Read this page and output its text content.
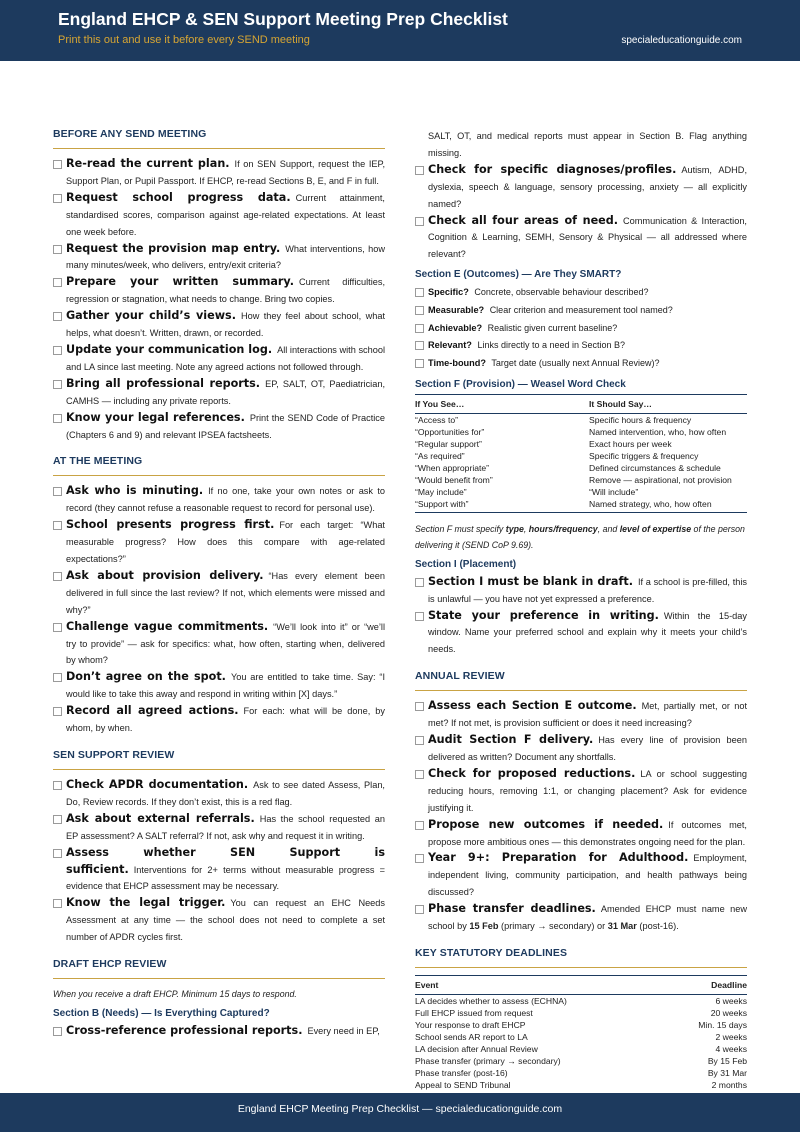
England EHCP & SEN Support Meeting Prep Checklist
Print this out and use it before every SEND meeting	specialeducationguide.com
BEFORE ANY SEND MEETING
Re-read the current plan. If on SEN Support, request the IEP, Support Plan, or Pupil Passport. If EHCP, re-read Sections B, E, and F in full.
Request school progress data. Current attainment, standardised scores, comparison against age-related expectations. At least one week before.
Request the provision map entry. What interventions, how many minutes/week, who delivers, entry/exit criteria?
Prepare your written summary. Current difficulties, regression or stagnation, what needs to change. Bring two copies.
Gather your child’s views. How they feel about school, what helps, what doesn’t. Written, drawn, or recorded.
Update your communication log. All interactions with school and LA since last meeting. Note any agreed actions not followed through.
Bring all professional reports. EP, SALT, OT, Paediatrician, CAMHS — including any private reports.
Know your legal references. Print the SEND Code of Practice (Chapters 6 and 9) and relevant IPSEA factsheets.
AT THE MEETING
Ask who is minuting. If no one, take your own notes or ask to record (they cannot refuse a reasonable request to record for personal use).
School presents progress first. For each target: “What measurable progress? How does this compare with age-related expectations?”
Ask about provision delivery. “Has every element been delivered in full since the last review? If not, which elements were missed and why?”
Challenge vague commitments. “We’ll look into it” or “we’ll try to provide” — ask for specifics: what, how often, starting when, delivered by whom?
Don’t agree on the spot. You are entitled to take time. Say: “I would like to take this away and respond in writing within [X] days.”
Record all agreed actions. For each: what will be done, by whom, by when.
SEN SUPPORT REVIEW
Check APDR documentation. Ask to see dated Assess, Plan, Do, Review records. If they don’t exist, this is a red flag.
Ask about external referrals. Has the school requested an EP assessment? A SALT referral? If not, ask why and request it in writing.
Assess whether SEN Support is sufficient. Interventions for 2+ terms without measurable progress = evidence that EHCP assessment may be necessary.
Know the legal trigger. You can request an EHC Needs Assessment at any time — the school does not need to complete a set number of APDR cycles first.
DRAFT EHCP REVIEW
When you receive a draft EHCP. Minimum 15 days to respond.
Section B (Needs) — Is Everything Captured?
Cross-reference professional reports. Every need in EP,
SALT, OT, and medical reports must appear in Section B. Flag anything missing.
Check for specific diagnoses/profiles. Autism, ADHD, dyslexia, speech & language, sensory processing, anxiety — all explicitly named?
Check all four areas of need. Communication & Interaction, Cognition & Learning, SEMH, Sensory & Physical — all addressed where relevant?
Section E (Outcomes) — Are They SMART?
Specific? Concrete, observable behaviour described?
Measurable? Clear criterion and measurement tool named?
Achievable? Realistic given current baseline?
Relevant? Links directly to a need in Section B?
Time-bound? Target date (usually next Annual Review)?
Section F (Provision) — Weasel Word Check
If You See…	It Should Say…
“Access to”	Specific hours & frequency
“Opportunities for”	Named intervention, who, how often
“Regular support”	Exact hours per week
“As required”	Specific triggers & frequency
“When appropriate”	Defined circumstances & schedule
“Would benefit from”	Remove — aspirational, not provision
“May include”	“Will include”
“Support with”	Named strategy, who, how often
Section F must specify type, hours/frequency, and level of expertise of the person delivering it (SEND CoP 9.69).
Section I (Placement)
Section I must be blank in draft. If a school is pre-filled, this is unlawful — you have not yet expressed a preference.
State your preference in writing. Within the 15-day window. Name your preferred school and explain why it meets your child’s needs.
ANNUAL REVIEW
Assess each Section E outcome. Met, partially met, or not met? If not met, is provision sufficient or does it need increasing?
Audit Section F delivery. Has every line of provision been delivered as written? Document any shortfalls.
Check for proposed reductions. LA or school suggesting reducing hours, removing 1:1, or changing placement? Ask for evidence justifying it.
Propose new outcomes if needed. If outcomes met, propose more ambitious ones — this demonstrates ongoing need for the plan.
Year 9+: Preparation for Adulthood. Employment, independent living, community participation, and health pathways being discussed?
Phase transfer deadlines. Amended EHCP must name new school by 15 Feb (primary → secondary) or 31 Mar (post-16).
KEY STATUTORY DEADLINES
Event	Deadline
LA decides whether to assess (ECHNA)	6 weeks
Full EHCP issued from request	20 weeks
Your response to draft EHCP	Min. 15 days
School sends AR report to LA	2 weeks
LA decision after Annual Review	4 weeks
Phase transfer (primary → secondary)	By 15 Feb
Phase transfer (post-16)	By 31 Mar
Appeal to SEND Tribunal	2 months
England EHCP Meeting Prep Checklist — specialeducationguide.com
